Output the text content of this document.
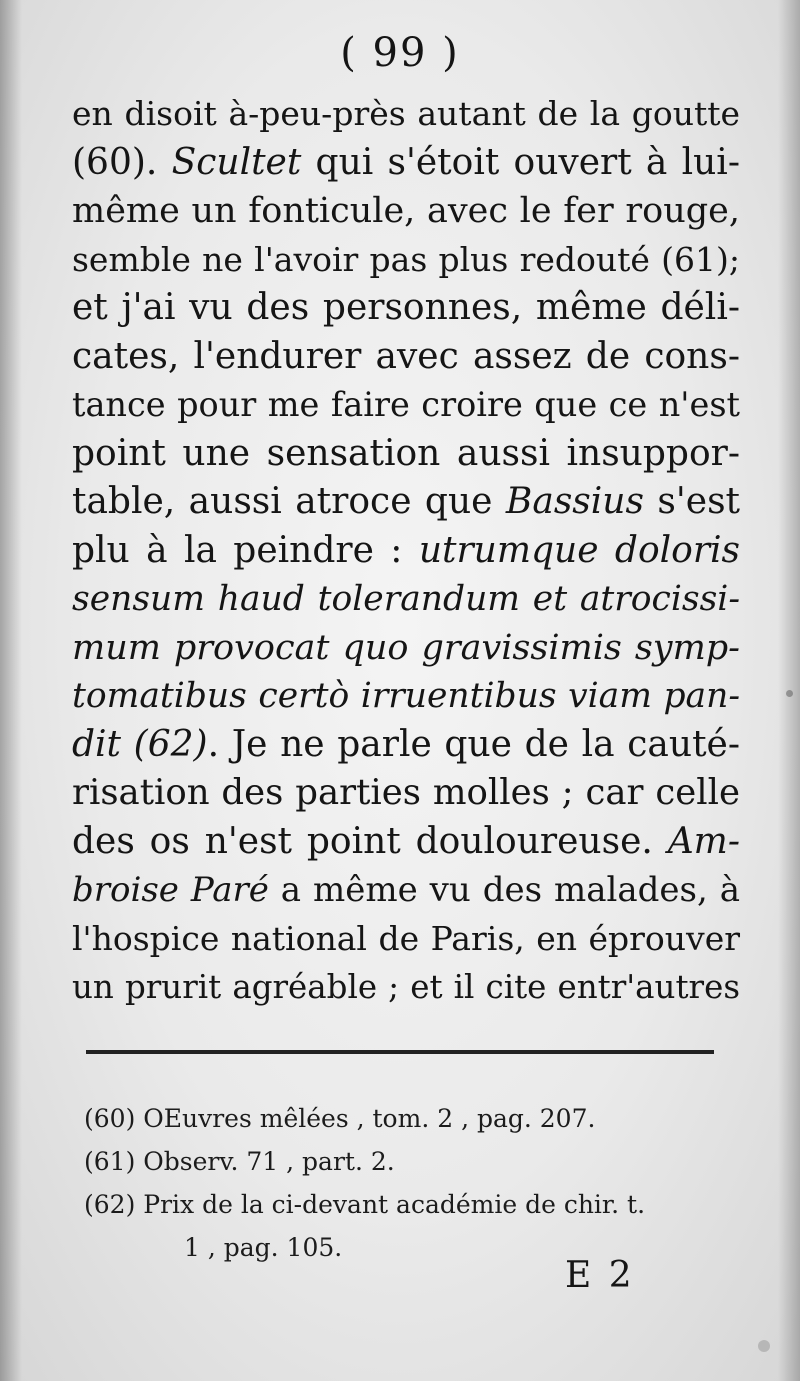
( 99 )
en disoit à-peu-près autant de la goutte
(60). Scultet qui s'étoit ouvert à lui-
même un fonticule, avec le fer rouge,
semble ne l'avoir pas plus redouté (61);
et j'ai vu des personnes, même déli-
cates, l'endurer avec assez de cons-
tance pour me faire croire que ce n'est
point une sensation aussi insuppor-
table, aussi atroce que Bassius s'est
plu à la peindre : utrumque doloris
sensum haud tolerandum et atrocissi-
mum provocat quo gravissimis symp-
tomatibus certò irruentibus viam pan-
dit (62). Je ne parle que de la cauté-
risation des parties molles ; car celle
des os n'est point douloureuse. Am-
broise Paré a même vu des malades, à
l'hospice national de Paris, en éprouver
un prurit agréable ; et il cite entr'autres
(60) OEuvres mêlées , tom. 2 , pag. 207.
(61) Observ. 71 , part. 2.
(62) Prix de la ci-devant académie de chir. t.
1 , pag. 105.
E 2
